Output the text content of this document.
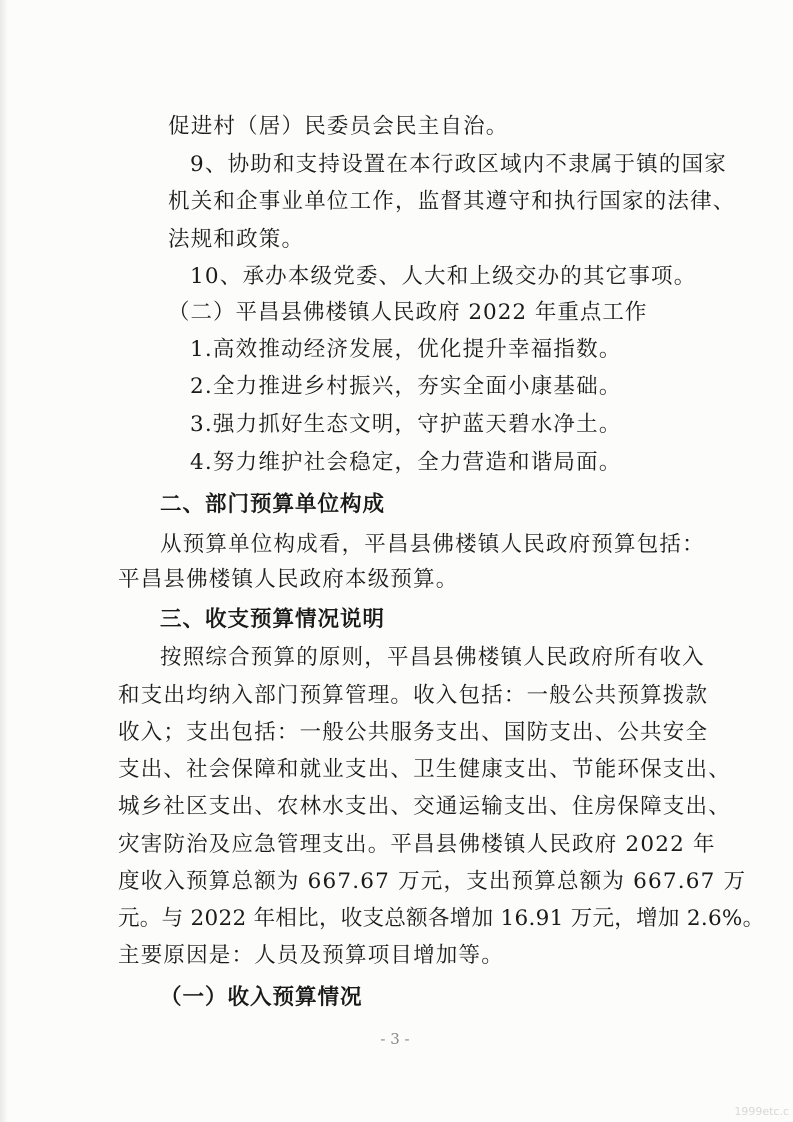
促进村（居）民委员会民主自治。
9、协助和支持设置在本行政区域内不隶属于镇的国家
机关和企事业单位工作，监督其遵守和执行国家的法律、
法规和政策。
10、承办本级党委、人大和上级交办的其它事项。
（二）平昌县佛楼镇人民政府 2022 年重点工作
1.高效推动经济发展，优化提升幸福指数。
2.全力推进乡村振兴，夯实全面小康基础。
3.强力抓好生态文明，守护蓝天碧水净土。
4.努力维护社会稳定，全力营造和谐局面。
二、部门预算单位构成
从预算单位构成看，平昌县佛楼镇人民政府预算包括：
平昌县佛楼镇人民政府本级预算。
三、收支预算情况说明
按照综合预算的原则，平昌县佛楼镇人民政府所有收入
和支出均纳入部门预算管理。收入包括：一般公共预算拨款
收入；支出包括：一般公共服务支出、国防支出、公共安全
支出、社会保障和就业支出、卫生健康支出、节能环保支出、
城乡社区支出、农林水支出、交通运输支出、住房保障支出、
灾害防治及应急管理支出。平昌县佛楼镇人民政府 2022 年
度收入预算总额为 667.67 万元，支出预算总额为 667.67 万
元。与 2022 年相比，收支总额各增加 16.91 万元，增加 2.6%。
主要原因是：人员及预算项目增加等。
（一）收入预算情况
- 3 -
1999etc.c
